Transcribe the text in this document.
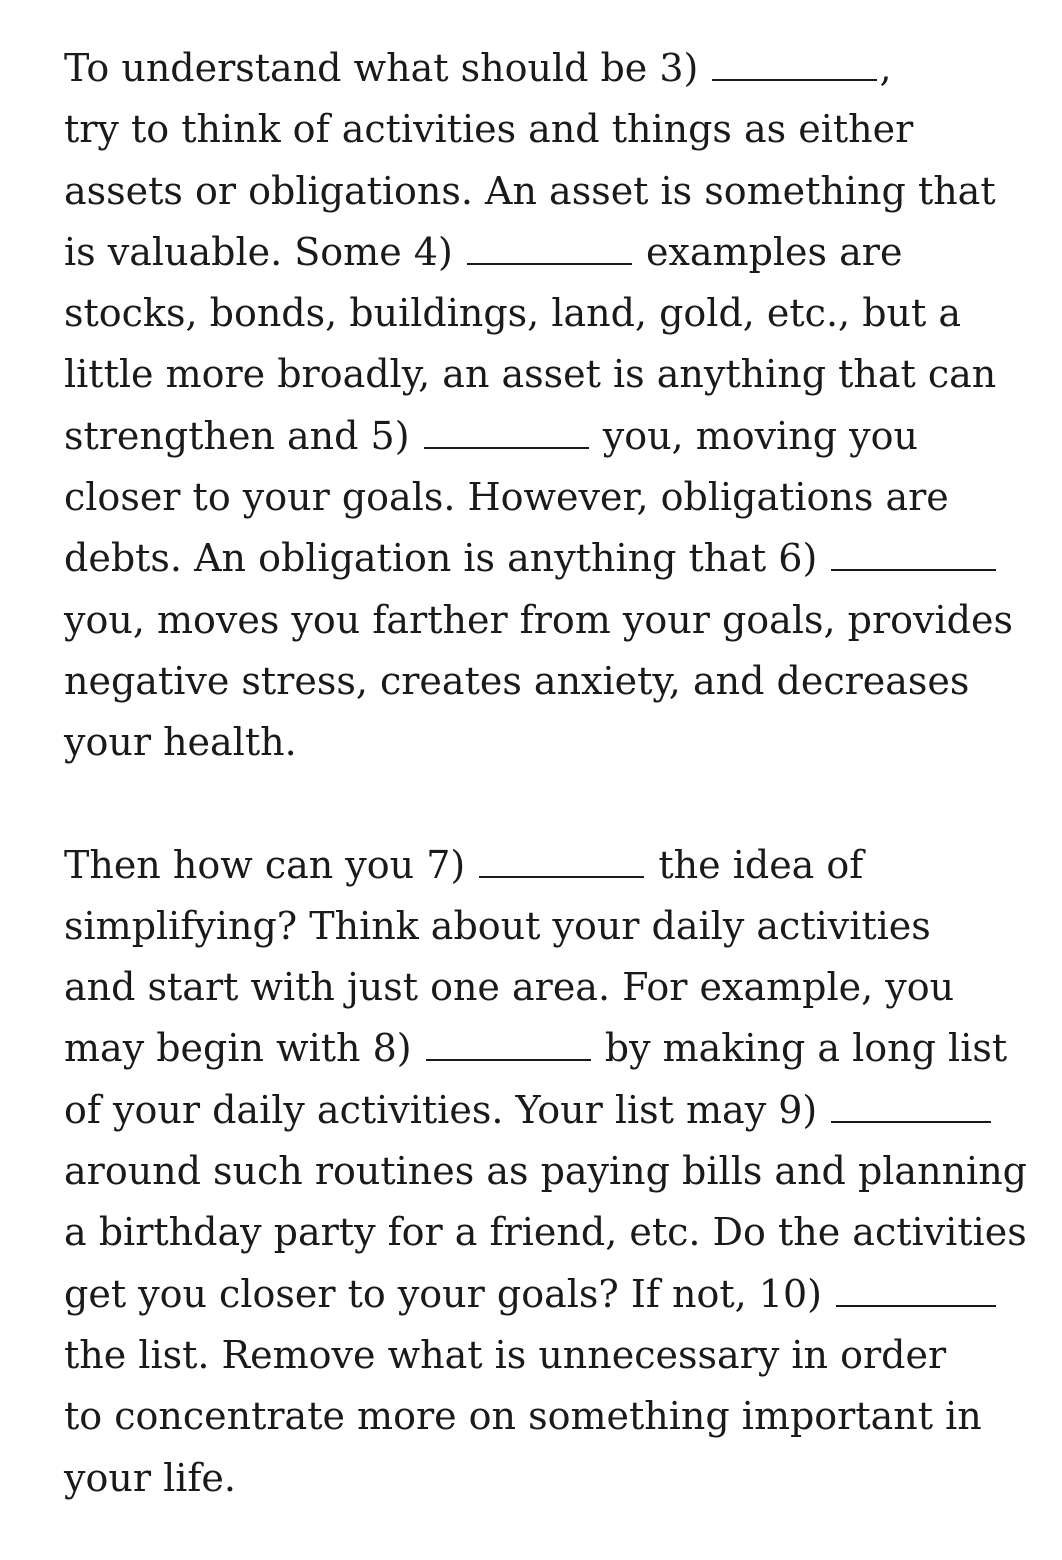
To understand what should be 3)	,
try to think of activities and things as either
assets or obligations. An asset is something that
is valuable. Some 4)	examples are
stocks, bonds, buildings, land, gold, etc., but a
little more broadly, an asset is anything that can
strengthen and 5)	you, moving you
closer to your goals. However, obligations are
debts. An obligation is anything that 6)
you, moves you farther from your goals, provides
negative stress, creates anxiety, and decreases
your health.
Then how can you 7)	the idea of
simplifying? Think about your daily activities
and start with just one area. For example, you
may begin with 8)	by making a long list
of your daily activities. Your list may 9)
around such routines as paying bills and planning
a birthday party for a friend, etc. Do the activities
get you closer to your goals? If not, 10)
the list. Remove what is unnecessary in order
to concentrate more on something important in
your life.
